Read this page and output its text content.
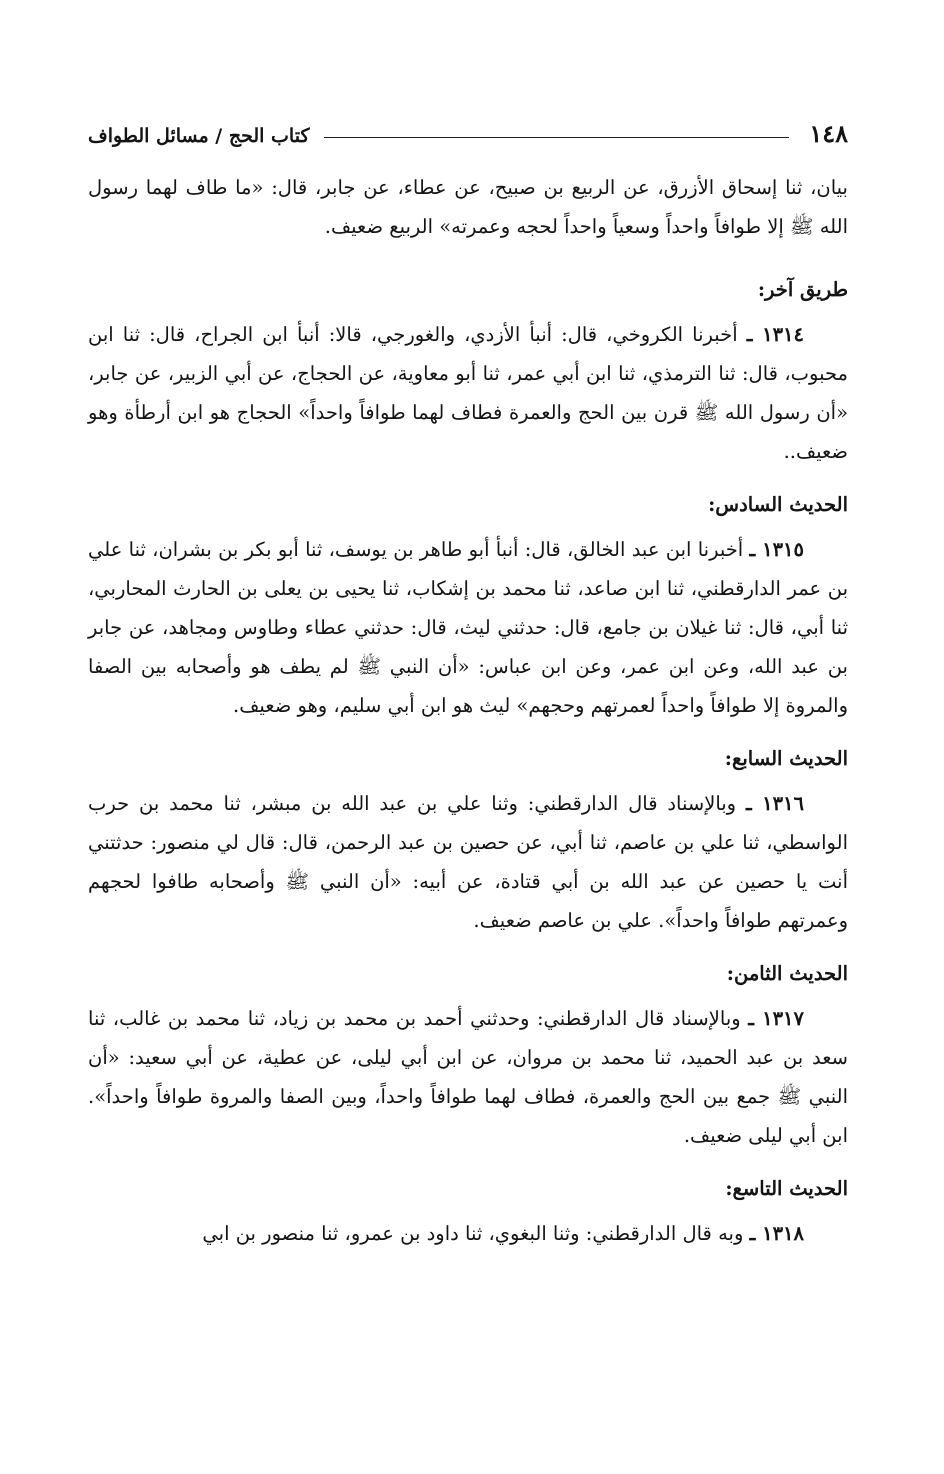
١٤٨
كتاب الحج / مسائل الطواف

بيان، ثنا إسحاق الأزرق، عن الربيع بن صبيح، عن عطاء، عن جابر، قال: «ما طاف لهما رسول الله ﷺ إلا طوافاً واحداً وسعياً واحداً لحجه وعمرته» الربيع ضعيف.

طريق آخر:

١٣١٤ ـ أخبرنا الكروخي، قال: أنبأ الأزدي، والغورجي، قالا: أنبأ ابن الجراح، قال: ثنا ابن محبوب، قال: ثنا الترمذي، ثنا ابن أبي عمر، ثنا أبو معاوية، عن الحجاج، عن أبي الزبير، عن جابر، «أن رسول الله ﷺ قرن بين الحج والعمرة فطاف لهما طوافاً واحداً» الحجاج هو ابن أرطأة وهو ضعيف..

الحديث السادس:

١٣١٥ ـ أخبرنا ابن عبد الخالق، قال: أنبأ أبو طاهر بن يوسف، ثنا أبو بكر بن بشران، ثنا علي بن عمر الدارقطني، ثنا ابن صاعد، ثنا محمد بن إشكاب، ثنا يحيى بن يعلى بن الحارث المحاربي، ثنا أبي، قال: ثنا غيلان بن جامع، قال: حدثني ليث، قال: حدثني عطاء وطاوس ومجاهد، عن جابر بن عبد الله، وعن ابن عمر، وعن ابن عباس: «أن النبي ﷺ لم يطف هو وأصحابه بين الصفا والمروة إلا طوافاً واحداً لعمرتهم وحجهم» ليث هو ابن أبي سليم، وهو ضعيف.

الحديث السابع:

١٣١٦ ـ وبالإسناد قال الدارقطني: وثنا علي بن عبد الله بن مبشر، ثنا محمد بن حرب الواسطي، ثنا علي بن عاصم، ثنا أبي، عن حصين بن عبد الرحمن، قال: قال لي منصور: حدثتني أنت يا حصين عن عبد الله بن أبي قتادة، عن أبيه: «أن النبي ﷺ وأصحابه طافوا لحجهم وعمرتهم طوافاً واحداً». علي بن عاصم ضعيف.

الحديث الثامن:

١٣١٧ ـ وبالإسناد قال الدارقطني: وحدثني أحمد بن محمد بن زياد، ثنا محمد بن غالب، ثنا سعد بن عبد الحميد، ثنا محمد بن مروان، عن ابن أبي ليلى، عن عطية، عن أبي سعيد: «أن النبي ﷺ جمع بين الحج والعمرة، فطاف لهما طوافاً واحداً، وبين الصفا والمروة طوافاً واحداً». ابن أبي ليلى ضعيف.

الحديث التاسع:

١٣١٨ ـ وبه قال الدارقطني: وثنا البغوي، ثنا داود بن عمرو، ثنا منصور بن ابي
